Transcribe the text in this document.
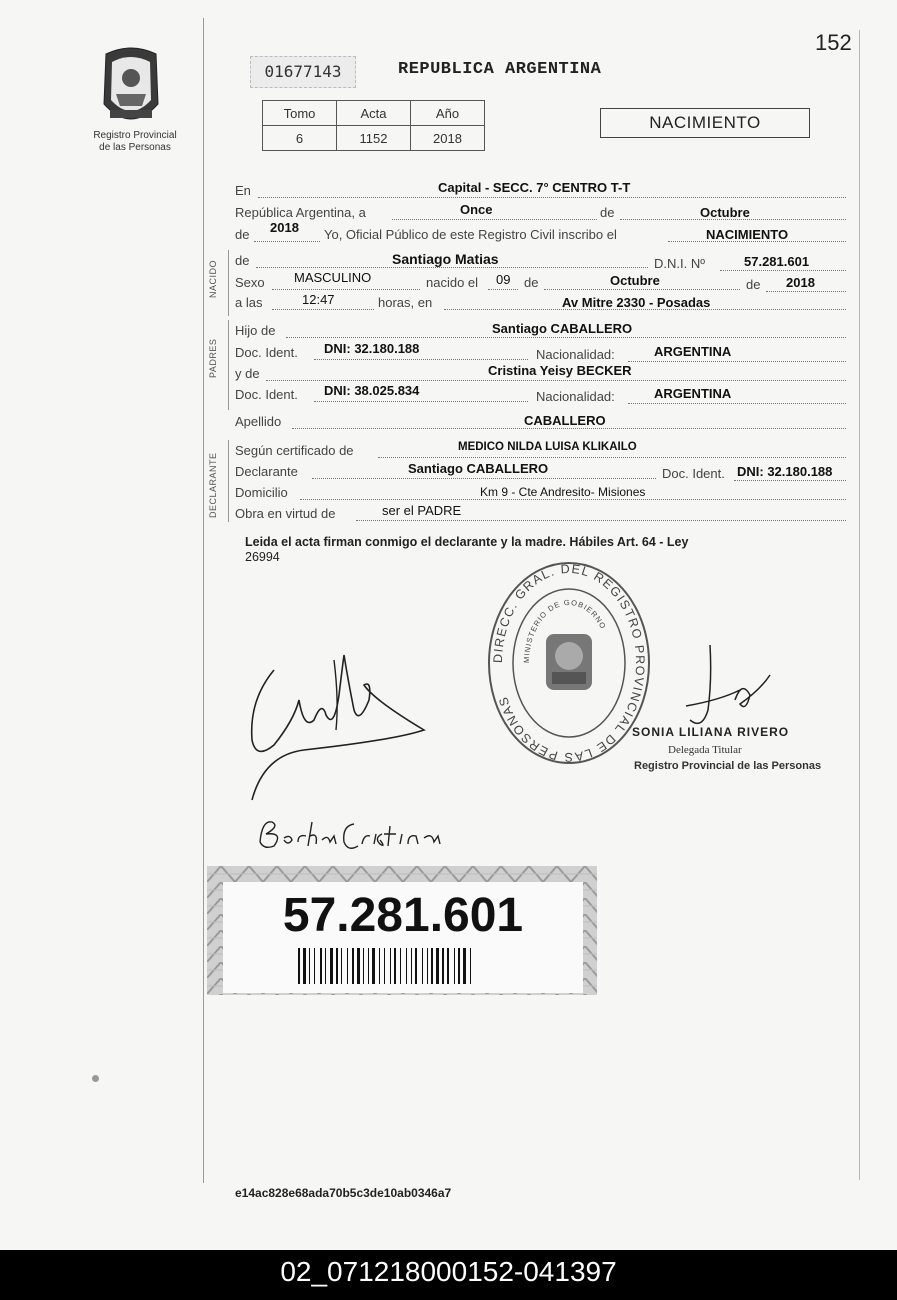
152
Registro Provincial
de las Personas
01677143	REPUBLICA ARGENTINA
Tomo	Acta	Año
6	1152	2018
NACIMIENTO
En	Capital - SECC. 7° CENTRO T-T
República Argentina, a	Once	de	Octubre
de 2018 Yo, Oficial Público de este Registro Civil inscribo el	NACIMIENTO
NACIDO de	Santiago Matias	D.N.I. Nº	57.281.601
Sexo MASCULINO	nacido el 09 de	Octubre	de 2018
a las	12:47	horas, en	Av Mitre 2330 - Posadas
PADRES
Hijo de	Santiago CABALLERO
Doc. Ident. DNI: 32.180.188	Nacionalidad:	ARGENTINA
y de	Cristina Yeisy BECKER
Doc. Ident. DNI: 38.025.834	Nacionalidad:	ARGENTINA
Apellido	CABALLERO
DECLARANTE
Según certificado de	MEDICO NILDA LUISA KLIKAILO
Declarante	Santiago CABALLERO	Doc. Ident. DNI: 32.180.188
Domicilio	Km 9 - Cte Andresito- Misiones
Obra en virtud de	ser el PADRE
Leida el acta firman conmigo el declarante y la madre. Hábiles Art. 64 - Ley
26994
DIRECC. GRAL. DEL REGISTRO PROVINCIAL DE LAS PERSONAS
MINISTERIO DE GOBIERNO
SONIA LILIANA RIVERO
Delegada Titular
Registro Provincial de las Personas
57.281.601
e14ac828e68ada70b5c3de10ab0346a7
02_071218000152-041397
